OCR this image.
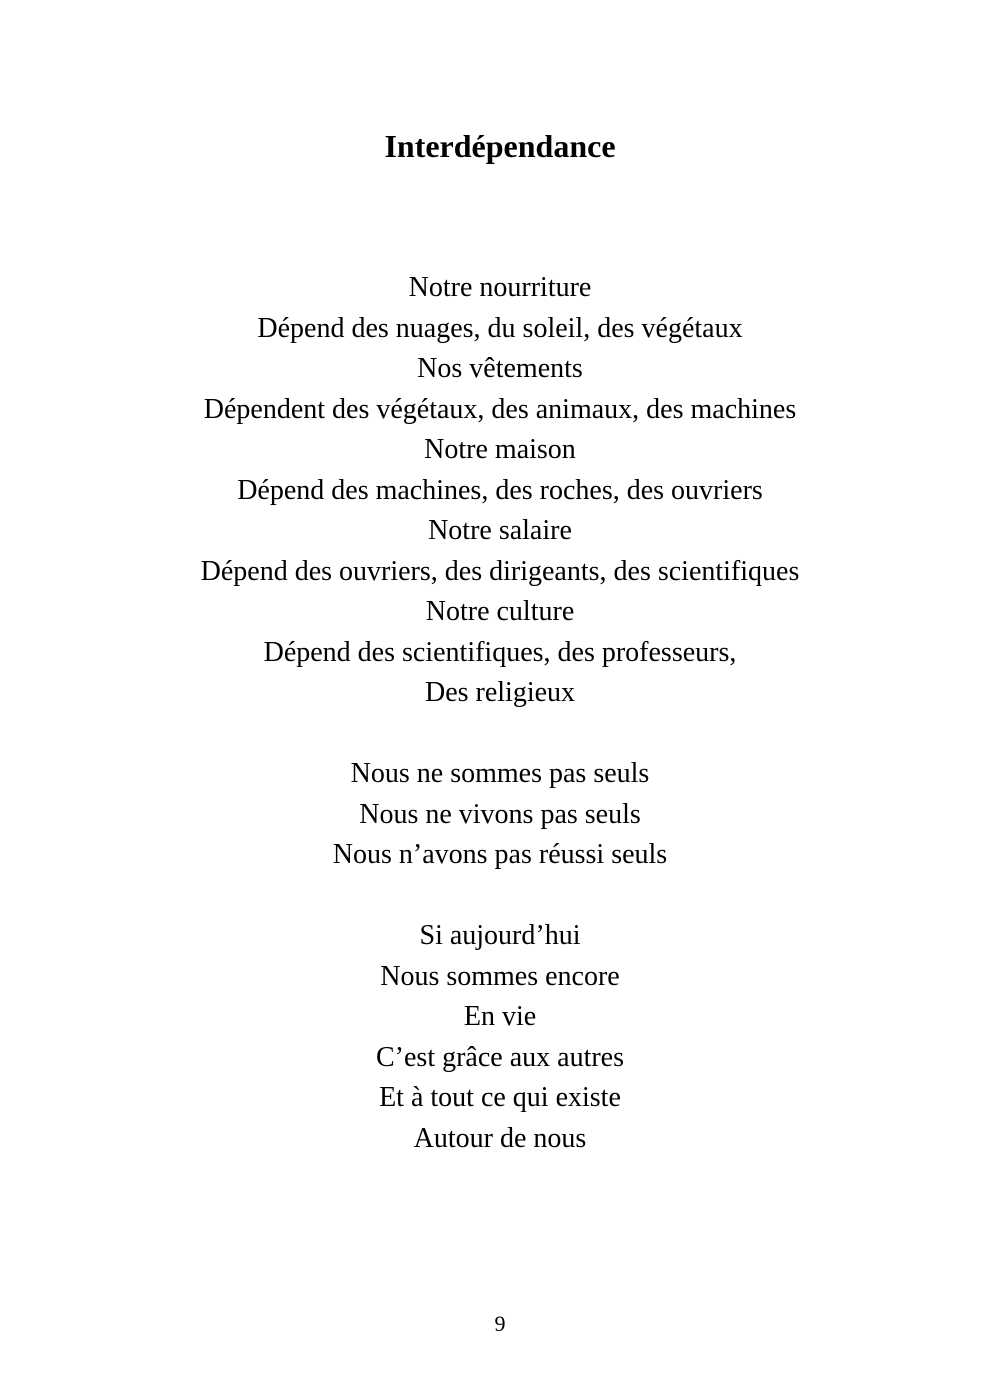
Interdépendance
Notre nourriture
Dépend des nuages, du soleil, des végétaux
Nos vêtements
Dépendent des végétaux, des animaux, des machines
Notre maison
Dépend des machines, des roches, des ouvriers
Notre salaire
Dépend des ouvriers, des dirigeants, des scientifiques
Notre culture
Dépend des scientifiques, des professeurs,
Des religieux
Nous ne sommes pas seuls
Nous ne vivons pas seuls
Nous n’avons pas réussi seuls
Si aujourd’hui
Nous sommes encore
En vie
C’est grâce aux autres
Et à tout ce qui existe
Autour de nous
9
